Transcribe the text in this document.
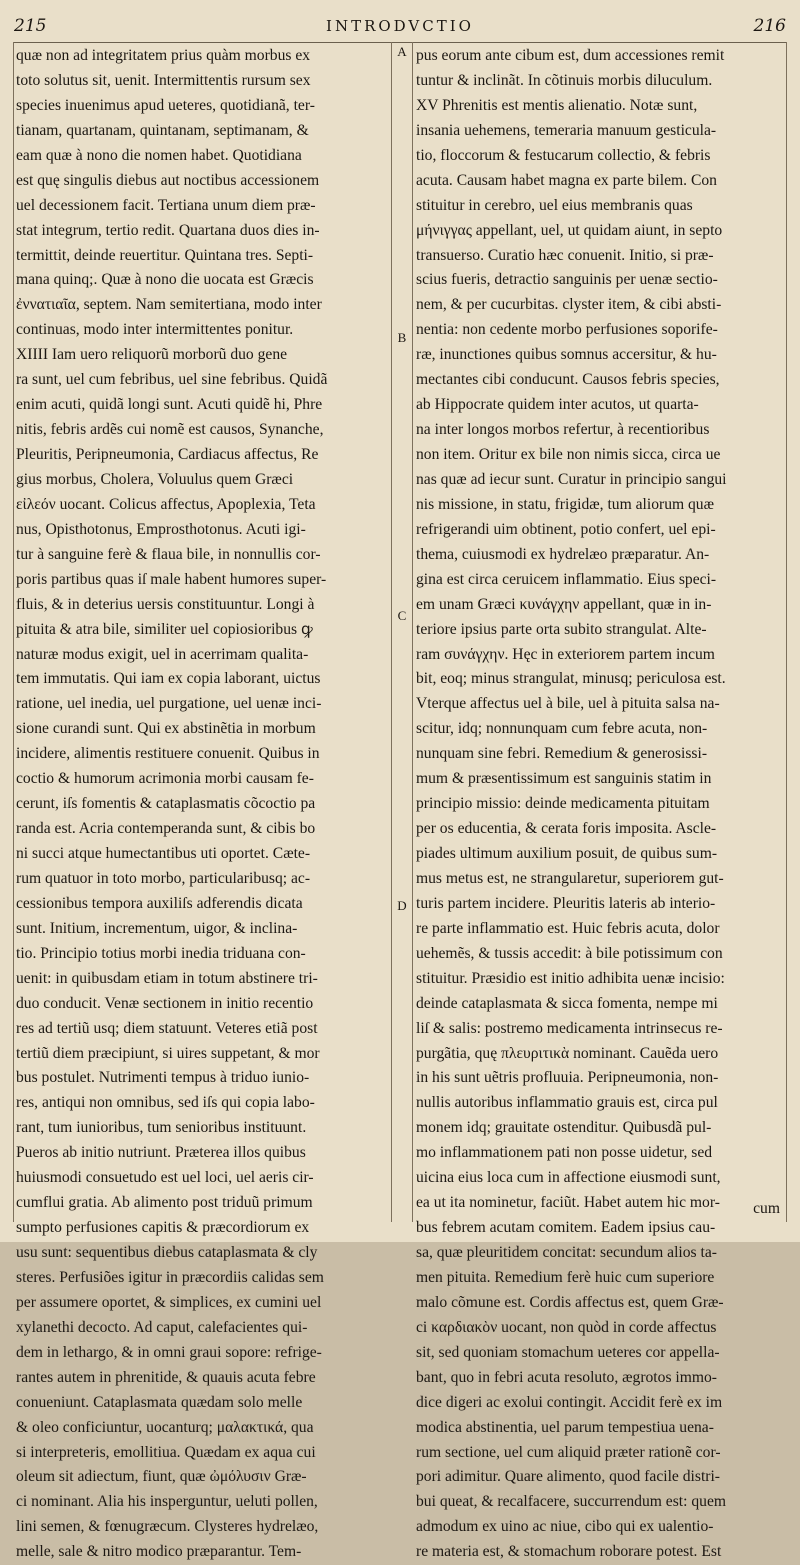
215	INTRODVCTIO	216
quæ non ad integritatem prius quàm morbus ex
toto solutus sit, uenit. Intermittentis rursum sex
species inuenimus apud ueteres, quotidianã, ter-
tianam, quartanam, quintanam, septimanam, &
eam quæ à nono die nomen habet. Quotidiana
est quę singulis diebus aut noctibus accessionem
uel decessionem facit. Tertiana unum diem præ-
stat integrum, tertio redit. Quartana duos dies in-
termittit, deinde reuertitur. Quintana tres. Septi-
mana quinq;. Quæ à nono die uocata est Græcis
ἐννατιαῖα, septem. Nam semitertiana, modo inter
continuas, modo inter intermittentes ponitur.
XIIII Iam uero reliquorũ morborũ duo gene
ra sunt, uel cum febribus, uel sine febribus. Quidã
enim acuti, quidã longi sunt. Acuti quidẽ hi, Phre
nitis, febris ardẽs cui nomẽ est causos, Synanche,
Pleuritis, Peripneumonia, Cardiacus affectus, Re
gius morbus, Cholera, Voluulus quem Græci
εἰλεόν uocant. Colicus affectus, Apoplexia, Teta
nus, Opisthotonus, Emprosthotonus. Acuti igi-
tur à sanguine ferè & flaua bile, in nonnullis cor-
poris partibus quas iſ male habent humores super-
fluis, & in deterius uersis constituuntur. Longi à
pituita & atra bile, similiter uel copiosioribus ꝙ
naturæ modus exigit, uel in acerrimam qualita-
tem immutatis. Qui iam ex copia laborant, uictus
ratione, uel inedia, uel purgatione, uel uenæ inci-
sione curandi sunt. Qui ex abstinẽtia in morbum
incidere, alimentis restituere conuenit. Quibus in
coctio & humorum acrimonia morbi causam fe-
cerunt, iſs fomentis & cataplasmatis cõcoctio pa
randa est. Acria contemperanda sunt, & cibis bo
ni succi atque humectantibus uti oportet. Cæte-
rum quatuor in toto morbo, particularibusq; ac-
cessionibus tempora auxiliſs adferendis dicata
sunt. Initium, incrementum, uigor, & inclina-
tio. Principio totius morbi inedia triduana con-
uenit: in quibusdam etiam in totum abstinere tri-
duo conducit. Venæ sectionem in initio recentio
res ad tertiũ usq; diem statuunt. Veteres etiã post
tertiũ diem præcipiunt, si uires suppetant, & mor
bus postulet. Nutrimenti tempus à triduo iunio-
res, antiqui non omnibus, sed iſs qui copia labo-
rant, tum iunioribus, tum senioribus instituunt.
Pueros ab initio nutriunt. Præterea illos quibus
huiusmodi consuetudo est uel loci, uel aeris cir-
cumflui gratia. Ab alimento post triduũ primum
sumpto perfusiones capitis & præcordiorum ex
usu sunt: sequentibus diebus cataplasmata & cly
steres. Perfusiões igitur in præcordiis calidas sem
per assumere oportet, & simplices, ex cumini uel
xylanethi decocto. Ad caput, calefacientes qui-
dem in lethargo, & in omni graui sopore: refrige-
rantes autem in phrenitide, & quauis acuta febre
conueniunt. Cataplasmata quædam solo melle
& oleo conficiuntur, uocanturq; μαλακτικά, qua
si interpreteris, emollitiua. Quædam ex aqua cui
oleum sit adiectum, fiunt, quæ ὠμόλυσιν Græ-
ci nominant. Alia his insperguntur, ueluti pollen,
lini semen, & fœnugræcum. Clysteres hydrelæo,
melle, sale & nitro modico præparantur. Tem-
pus eorum ante cibum est, dum accessiones remit
tuntur & inclinãt. In cõtinuis morbis diluculum.
XV Phrenitis est mentis alienatio. Notæ sunt,
insania uehemens, temeraria manuum gesticula-
tio, floccorum & festucarum collectio, & febris
acuta. Causam habet magna ex parte bilem. Con
stituitur in cerebro, uel eius membranis quas
μήνιγγας appellant, uel, ut quidam aiunt, in septo
transuerso. Curatio hæc conuenit. Initio, si præ-
scius fueris, detractio sanguinis per uenæ sectio-
nem, & per cucurbitas. clyster item, & cibi absti-
nentia: non cedente morbo perfusiones soporife-
ræ, inunctiones quibus somnus accersitur, & hu-
mectantes cibi conducunt. Causos febris species,
ab Hippocrate quidem inter acutos, ut quarta-
na inter longos morbos refertur, à recentioribus
non item. Oritur ex bile non nimis sicca, circa ue
nas quæ ad iecur sunt. Curatur in principio sangui
nis missione, in statu, frigidæ, tum aliorum quæ
refrigerandi uim obtinent, potio confert, uel epi-
thema, cuiusmodi ex hydrelæo præparatur. An-
gina est circa ceruicem inflammatio. Eius speci-
em unam Græci κυνάγχην appellant, quæ in in-
teriore ipsius parte orta subito strangulat. Alte-
ram συνάγχην. Hęc in exteriorem partem incum
bit, eoq; minus strangulat, minusq; periculosa est.
Vterque affectus uel à bile, uel à pituita salsa na-
scitur, idq; nonnunquam cum febre acuta, non-
nunquam sine febri. Remedium & generosissi-
mum & præsentissimum est sanguinis statim in
principio missio: deinde medicamenta pituitam
per os educentia, & cerata foris imposita. Ascle-
piades ultimum auxilium posuit, de quibus sum-
mus metus est, ne strangularetur, superiorem gut-
turis partem incidere. Pleuritis lateris ab interio-
re parte inflammatio est. Huic febris acuta, dolor
uehemẽs, & tussis accedit: à bile potissimum con
stituitur. Præsidio est initio adhibita uenæ incisio:
deinde cataplasmata & sicca fomenta, nempe mi
liſ & salis: postremo medicamenta intrinsecus re-
purgãtia, quę πλευριτικὰ nominant. Cauẽda uero
in his sunt uẽtris profluuia. Peripneumonia, non-
nullis autoribus inflammatio grauis est, circa pul
monem idq; grauitate ostenditur. Quibusdã pul-
mo inflammationem pati non posse uidetur, sed
uicina eius loca cum in affectione eiusmodi sunt,
ea ut ita nominetur, faciũt. Habet autem hic mor-
bus febrem acutam comitem. Eadem ipsius cau-
sa, quæ pleuritidem concitat: secundum alios ta-
men pituita. Remedium ferè huic cum superiore
malo cõmune est. Cordis affectus est, quem Græ-
ci καρδιακὸν uocant, non quòd in corde affectus
sit, sed quoniam stomachum ueteres cor appella-
bant, quo in febri acuta resoluto, ægrotos immo-
dice digeri ac exolui contingit. Accidit ferè ex im
modica abstinentia, uel parum tempestiua uena-
rum sectione, uel cum aliquid præter rationẽ cor-
pori adimitur. Quare alimento, quod facile distri-
bui queat, & recalfacere, succurrendum est: quem
admodum ex uino ac niue, cibo qui ex ualentio-
re materia est, & stomachum roborare potest. Est
A
B
C
D
cum
